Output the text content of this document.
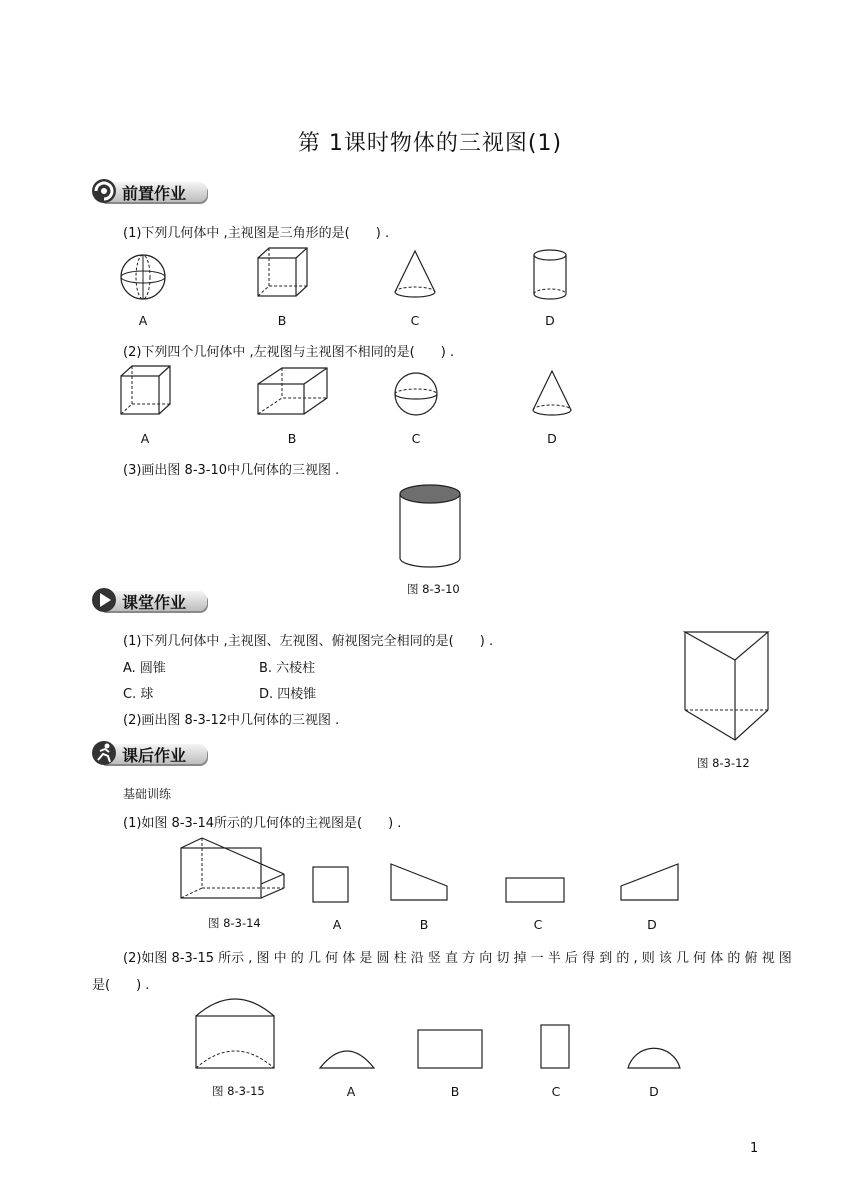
第 1课时物体的三视图(1)
前置作业
(1)下列几何体中 ,主视图是三角形的是(　　) .
A	B	C	D
(2)下列四个几何体中 ,左视图与主视图不相同的是(　　) .
A	B	C	D
(3)画出图 8-3-10中几何体的三视图 .
图 8-3-10
课堂作业
(1)下列几何体中 ,主视图、左视图、俯视图完全相同的是(　　) .
A. 圆锥	B. 六棱柱
C. 球	D. 四棱锥
(2)画出图 8-3-12中几何体的三视图 .
图 8-3-12
课后作业
基础训练
(1)如图 8-3-14所示的几何体的主视图是(　　) .
图 8-3-14	A	B	C	D
(2)如图 8-3-15 所示 , 图 中 的 几 何 体 是 圆 柱 沿 竖 直 方 向 切 掉 一 半 后 得 到 的 , 则 该 几 何 体 的 俯 视 图
是(　　) .
图 8-3-15	A	B	C	D
1
